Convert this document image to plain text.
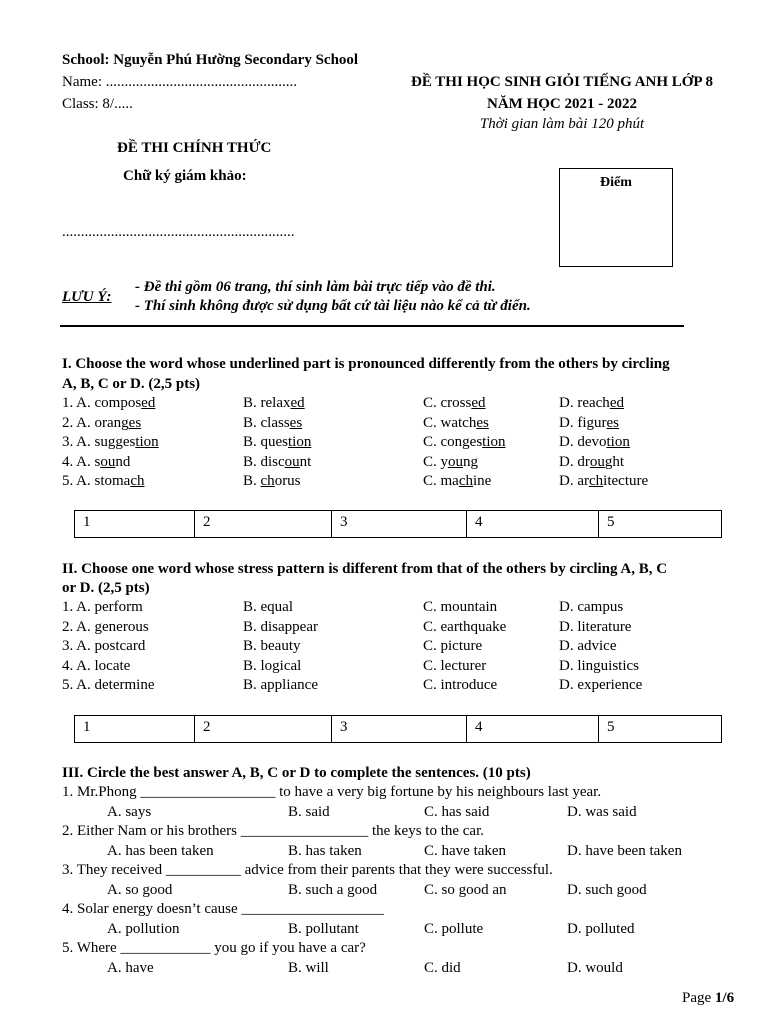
School: Nguyễn Phú Hường Secondary School
Name: ...................................................
Class: 8/.....
ĐỀ THI HỌC SINH GIỎI TIẾNG ANH LỚP 8
NĂM HỌC 2021 - 2022
Thời gian làm bài 120 phút
ĐỀ THI CHÍNH THỨC
Chữ ký giám khảo:
..............................................................
Điểm
LƯU Ý:
- Đề thi gồm 06 trang, thí sinh làm bài trực tiếp vào đề thi.
- Thí sinh không được sử dụng bất cứ tài liệu nào kể cả từ điển.
I. Choose the word whose underlined part is pronounced differently from the others by circling
A, B, C or D. (2,5 pts)
1. A. composed	B. relaxed	C. crossed	D. reached
2. A. oranges	B. classes	C. watches	D. figures
3. A. suggestion	B. question	C. congestion	D. devotion
4. A. sound	B. discount	C. young	D. drought
5. A. stomach	B. chorus	C. machine	D. architecture
1	2	3	4	5
II. Choose one word whose stress pattern is different from that of the others by circling A, B, C
or D. (2,5 pts)
1. A. perform	B. equal	C. mountain	D. campus
2. A. generous	B. disappear	C. earthquake	D. literature
3. A. postcard	B. beauty	C. picture	D. advice
4. A. locate	B. logical	C. lecturer	D. linguistics
5. A. determine	B. appliance	C. introduce	D. experience
1	2	3	4	5
III. Circle the best answer A, B, C or D to complete the sentences. (10 pts)
1. Mr.Phong __________________ to have a very big fortune by his neighbours last year.
A. says	B. said	C. has said	D. was said
2. Either Nam or his brothers _________________ the keys to the car.
A. has been taken	B. has taken	C. have taken	D. have been taken
3. They received __________ advice from their parents that they were successful.
A. so good	B. such a good	C. so good an	D. such good
4. Solar energy doesn’t cause ___________________
A. pollution	B. pollutant	C. pollute	D. polluted
5. Where ____________ you go if you have a car?
A. have	B. will	C. did	D. would
Page 1/6
